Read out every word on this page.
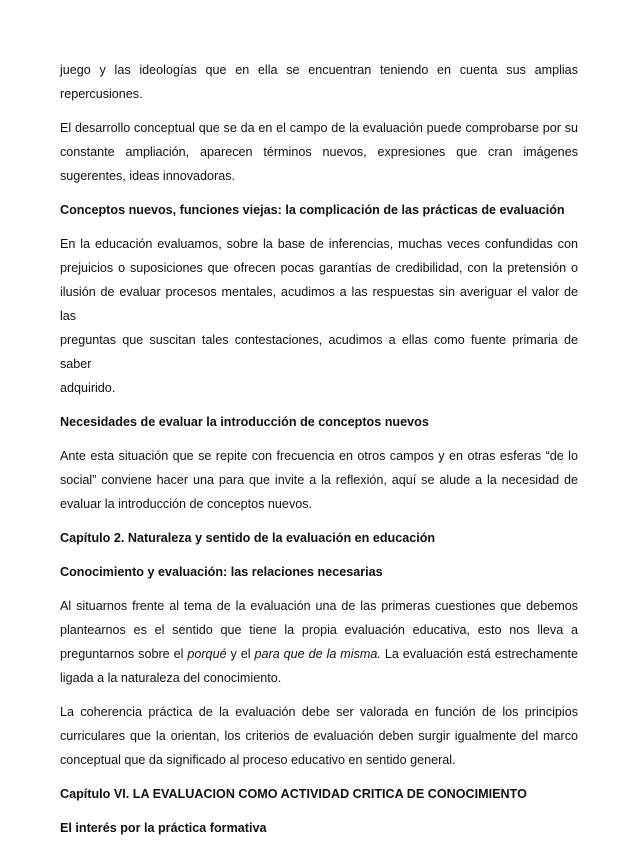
juego y las ideologías que en ella se encuentran teniendo en cuenta sus amplias
repercusiones.

El desarrollo conceptual que se da en el campo de la evaluación puede comprobarse por su
constante ampliación, aparecen términos nuevos, expresiones que cran imágenes
sugerentes, ideas innovadoras.

Conceptos nuevos, funciones viejas: la complicación de las prácticas de evaluación

En la educación evaluamos, sobre la base de inferencias, muchas veces confundidas con
prejuicios o suposiciones que ofrecen pocas garantías de credibilidad, con la pretensión o
ilusión de evaluar procesos mentales, acudimos a las respuestas sin averiguar el valor de las
preguntas que suscitan tales contestaciones, acudimos a ellas como fuente primaria de saber
adquirido.

Necesidades de evaluar la introducción de conceptos nuevos

Ante esta situación que se repite con frecuencia en otros campos y en otras esferas “de lo
social” conviene hacer una para que invite a la reflexión, aquí se alude a la necesidad de
evaluar la introducción de conceptos nuevos.

Capítulo 2. Naturaleza y sentido de la evaluación en educación
Conocimiento y evaluación: las relaciones necesarias

Al situarnos frente al tema de la evaluación una de las primeras cuestiones que debemos
plantearnos es el sentido que tiene la propia evaluación educativa, esto nos lleva a
preguntarnos sobre el porqué y el para que de la misma. La evaluación está estrechamente
ligada a la naturaleza del conocimiento.

La coherencia práctica de la evaluación debe ser valorada en función de los principios
curriculares que la orientan, los criterios de evaluación deben surgir igualmente del marco
conceptual que da significado al proceso educativo en sentido general.

Capítulo VI. LA EVALUACION COMO ACTIVIDAD CRITICA DE CONOCIMIENTO
El interés por la práctica formativa
